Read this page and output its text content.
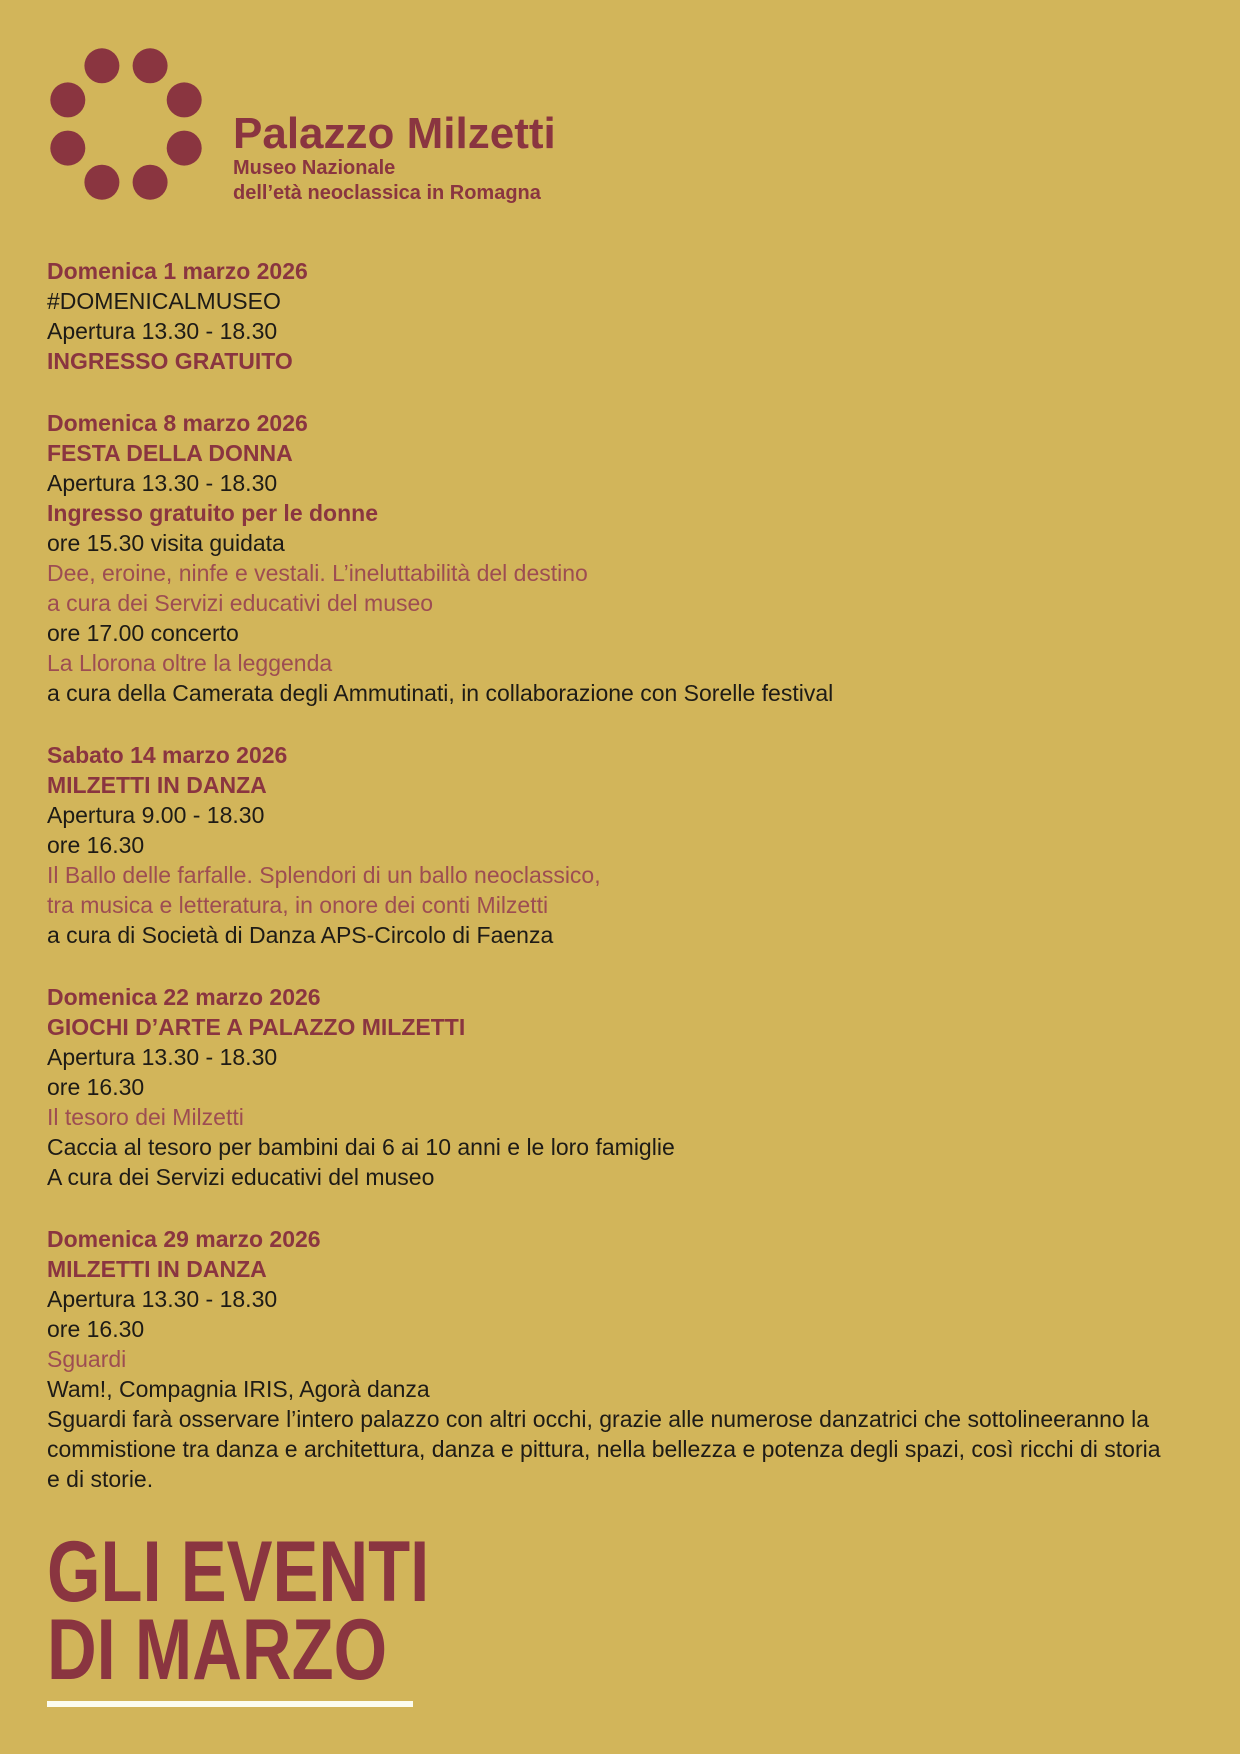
Palazzo Milzetti

Museo Nazionale
dell’età neoclassica in Romagna

Domenica 1 marzo 2026
#DOMENICALMUSEO
Apertura 13.30 - 18.30
INGRESSO GRATUITO
Domenica 8 marzo 2026
FESTA DELLA DONNA
Apertura 13.30 - 18.30
Ingresso gratuito per le donne
ore 15.30 visita guidata
Dee, eroine, ninfe e vestali. L’ineluttabilità del destino
a cura dei Servizi educativi del museo
ore 17.00 concerto
La Llorona oltre la leggenda
a cura della Camerata degli Ammutinati, in collaborazione con Sorelle festival
Sabato 14 marzo 2026
MILZETTI IN DANZA
Apertura 9.00 - 18.30
ore 16.30
Il Ballo delle farfalle. Splendori di un ballo neoclassico,
tra musica e letteratura, in onore dei conti Milzetti
a cura di Società di Danza APS-Circolo di Faenza
Domenica 22 marzo 2026
GIOCHI D’ARTE A PALAZZO MILZETTI
Apertura 13.30 - 18.30
ore 16.30
Il tesoro dei Milzetti
Caccia al tesoro per bambini dai 6 ai 10 anni e le loro famiglie
A cura dei Servizi educativi del museo
Domenica 29 marzo 2026
MILZETTI IN DANZA
Apertura 13.30 - 18.30
ore 16.30
Sguardi
Wam!, Compagnia IRIS, Agorà danza
Sguardi farà osservare l’intero palazzo con altri occhi, grazie alle numerose danzatrici che sottolineeranno la commistione tra danza e architettura, danza e pittura, nella bellezza e potenza degli spazi, così ricchi di storia e di storie.
GLI EVENTI
DI MARZO
